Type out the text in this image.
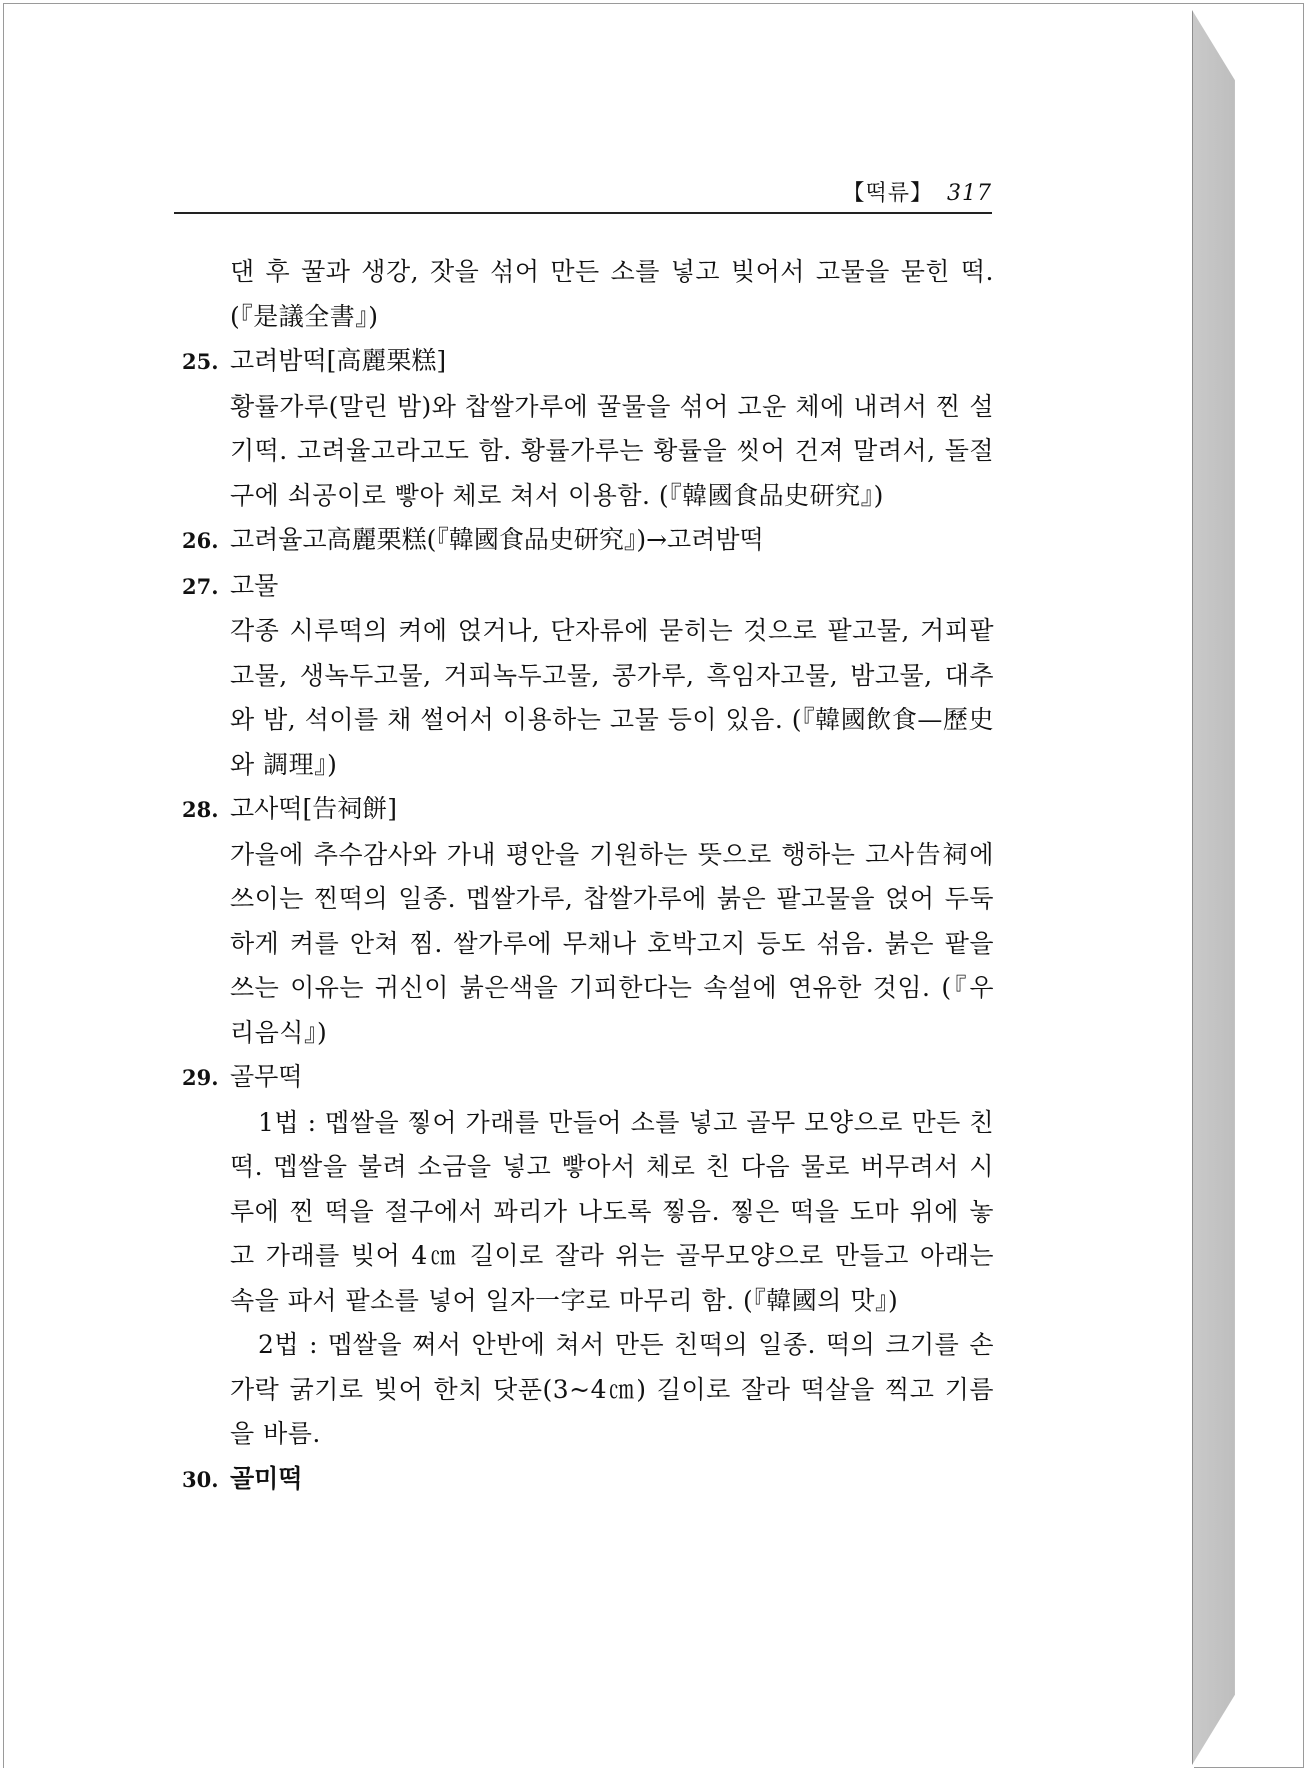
【떡류】 317
댄 후 꿀과 생강, 잣을 섞어 만든 소를 넣고 빚어서 고물을 묻힌 떡. (『是議全書』)
25. 고려밤떡[高麗栗糕]
황률가루(말린 밤)와 찹쌀가루에 꿀물을 섞어 고운 체에 내려서 찐 설기떡. 고려율고라고도 함. 황률가루는 황률을 씻어 건져 말려서, 돌절구에 쇠공이로 빻아 체로 쳐서 이용함. (『韓國食品史研究』)
26. 고려율고高麗栗糕(『韓國食品史研究』)→고려밤떡
27. 고물
각종 시루떡의 켜에 얹거나, 단자류에 묻히는 것으로 팥고물, 거피팥고물, 생녹두고물, 거피녹두고물, 콩가루, 흑임자고물, 밤고물, 대추와 밤, 석이를 채 썰어서 이용하는 고물 등이 있음. (『韓國飲食—歷史와 調理』)
28. 고사떡[告祠餅]
가을에 추수감사와 가내 평안을 기원하는 뜻으로 행하는 고사告祠에 쓰이는 찐떡의 일종. 멥쌀가루, 찹쌀가루에 붉은 팥고물을 얹어 두둑하게 켜를 안쳐 찜. 쌀가루에 무채나 호박고지 등도 섞음. 붉은 팥을 쓰는 이유는 귀신이 붉은색을 기피한다는 속설에 연유한 것임. (『우리음식』)
29. 골무떡
1법 : 멥쌀을 찧어 가래를 만들어 소를 넣고 골무 모양으로 만든 친떡. 멥쌀을 불려 소금을 넣고 빻아서 체로 친 다음 물로 버무려서 시루에 찐 떡을 절구에서 꽈리가 나도록 찧음. 찧은 떡을 도마 위에 놓고 가래를 빚어 4㎝ 길이로 잘라 위는 골무모양으로 만들고 아래는 속을 파서 팥소를 넣어 일자一字로 마무리 함. (『韓國의 맛』)
2법 : 멥쌀을 쪄서 안반에 쳐서 만든 친떡의 일종. 떡의 크기를 손가락 굵기로 빚어 한치 닷푼(3~4㎝) 길이로 잘라 떡살을 찍고 기름을 바름.
30. 골미떡
